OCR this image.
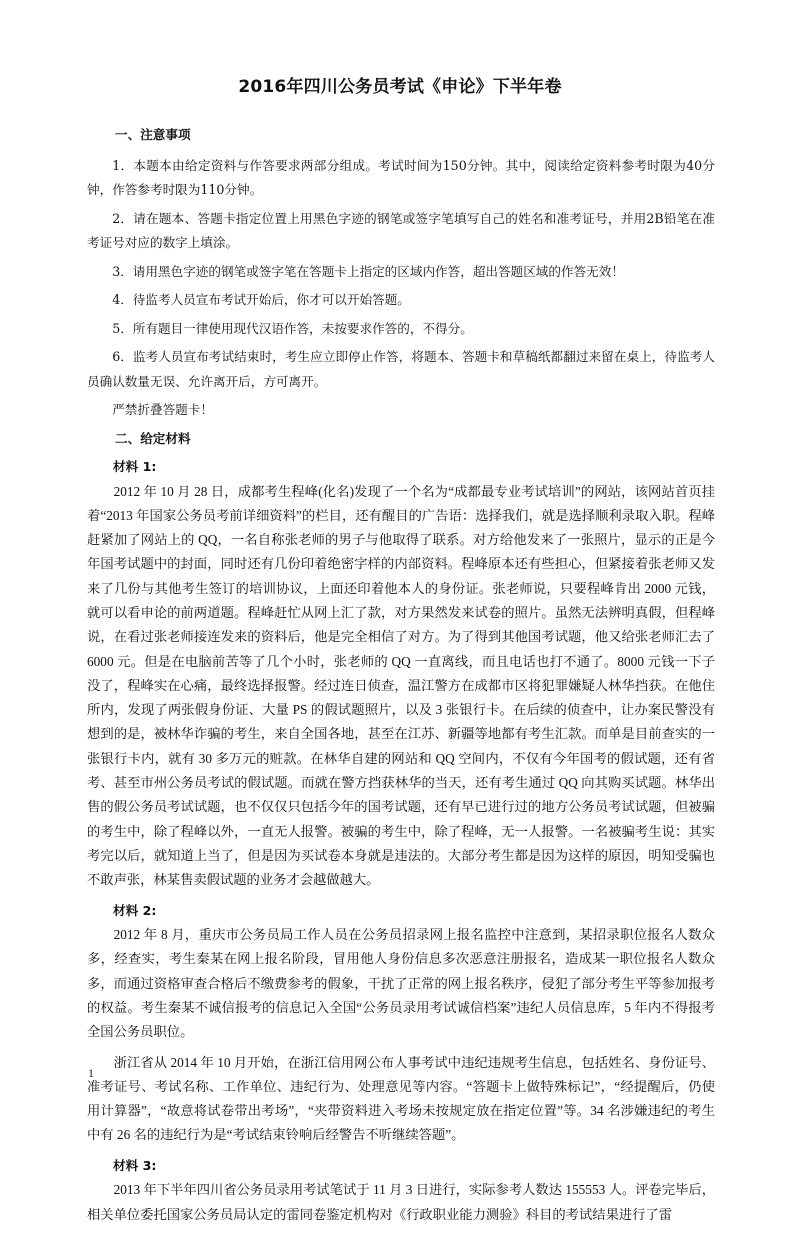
2016年四川公务员考试《申论》下半年卷
一、注意事项

1．本题本由给定资料与作答要求两部分组成。考试时间为150分钟。其中，阅读给定资料参考时限为40分钟，作答参考时限为110分钟。

2．请在题本、答题卡指定位置上用黑色字迹的钢笔或签字笔填写自己的姓名和准考证号，并用2B铅笔在准考证号对应的数字上填涂。

3．请用黑色字迹的钢笔或签字笔在答题卡上指定的区域内作答，超出答题区域的作答无效！

4．待监考人员宣布考试开始后，你才可以开始答题。

5．所有题目一律使用现代汉语作答，未按要求作答的，不得分。

6．监考人员宣布考试结束时，考生应立即停止作答，将题本、答题卡和草稿纸都翻过来留在桌上，待监考人员确认数量无误、允许离开后，方可离开。

严禁折叠答题卡！

二、给定材料
材料 1:

2012 年 10 月 28 日，成都考生程峰(化名)发现了一个名为“成都最专业考试培训”的网站，该网站首页挂着“2013 年国家公务员考前详细资料”的栏目，还有醒目的广告语：选择我们，就是选择顺利录取入职。程峰赶紧加了网站上的 QQ，一名自称张老师的男子与他取得了联系。对方给他发来了一张照片，显示的正是今年国考试题中的封面，同时还有几份印着绝密字样的内部资料。程峰原本还有些担心，但紧接着张老师又发来了几份与其他考生签订的培训协议，上面还印着他本人的身份证。张老师说，只要程峰肯出 2000 元钱，就可以看申论的前两道题。程峰赶忙从网上汇了款，对方果然发来试卷的照片。虽然无法辨明真假，但程峰说，在看过张老师接连发来的资料后，他是完全相信了对方。为了得到其他国考试题，他又给张老师汇去了 6000 元。但是在电脑前苦等了几个小时，张老师的 QQ 一直离线，而且电话也打不通了。8000 元钱一下子没了，程峰实在心痛，最终选择报警。经过连日侦查，温江警方在成都市区将犯罪嫌疑人林华挡获。在他住所内，发现了两张假身份证、大量 PS 的假试题照片，以及 3 张银行卡。在后续的侦查中，让办案民警没有想到的是，被林华诈骗的考生，来自全国各地，甚至在江苏、新疆等地都有考生汇款。而单是目前查实的一张银行卡内，就有 30 多万元的赃款。在林华自建的网站和 QQ 空间内，不仅有今年国考的假试题，还有省考、甚至市州公务员考试的假试题。而就在警方挡获林华的当天，还有考生通过 QQ 向其购买试题。林华出售的假公务员考试试题，也不仅仅只包括今年的国考试题，还有早已进行过的地方公务员考试试题，但被骗的考生中，除了程峰以外，一直无人报警。被骗的考生中，除了程峰，无一人报警。一名被骗考生说：其实考完以后，就知道上当了，但是因为买试卷本身就是违法的。大部分考生都是因为这样的原因，明知受骗也不敢声张，林某售卖假试题的业务才会越做越大。

材料 2:

2012 年 8 月，重庆市公务员局工作人员在公务员招录网上报名监控中注意到，某招录职位报名人数众多，经查实，考生秦某在网上报名阶段，冒用他人身份信息多次恶意注册报名，造成某一职位报名人数众多，而通过资格审查合格后不缴费参考的假象，干扰了正常的网上报名秩序，侵犯了部分考生平等参加报考的权益。考生秦某不诚信报考的信息记入全国“公务员录用考试诚信档案”违纪人员信息库，5 年内不得报考全国公务员职位。

浙江省从 2014 年 10 月开始，在浙江信用网公布人事考试中违纪违规考生信息，包括姓名、身份证号、准考证号、考试名称、工作单位、违纪行为、处理意见等内容。“答题卡上做特殊标记”，“经提醒后，仍使用计算器”，“故意将试卷带出考场”，“夹带资料进入考场未按规定放在指定位置”等。34 名涉嫌违纪的考生中有 26 名的违纪行为是“考试结束铃响后经警告不听继续答题”。

材料 3:

2013 年下半年四川省公务员录用考试笔试于 11 月 3 日进行，实际参考人数达 155553 人。评卷完毕后，相关单位委托国家公务员局认定的雷同卷鉴定机构对《行政职业能力测验》科目的考试结果进行了雷

1
